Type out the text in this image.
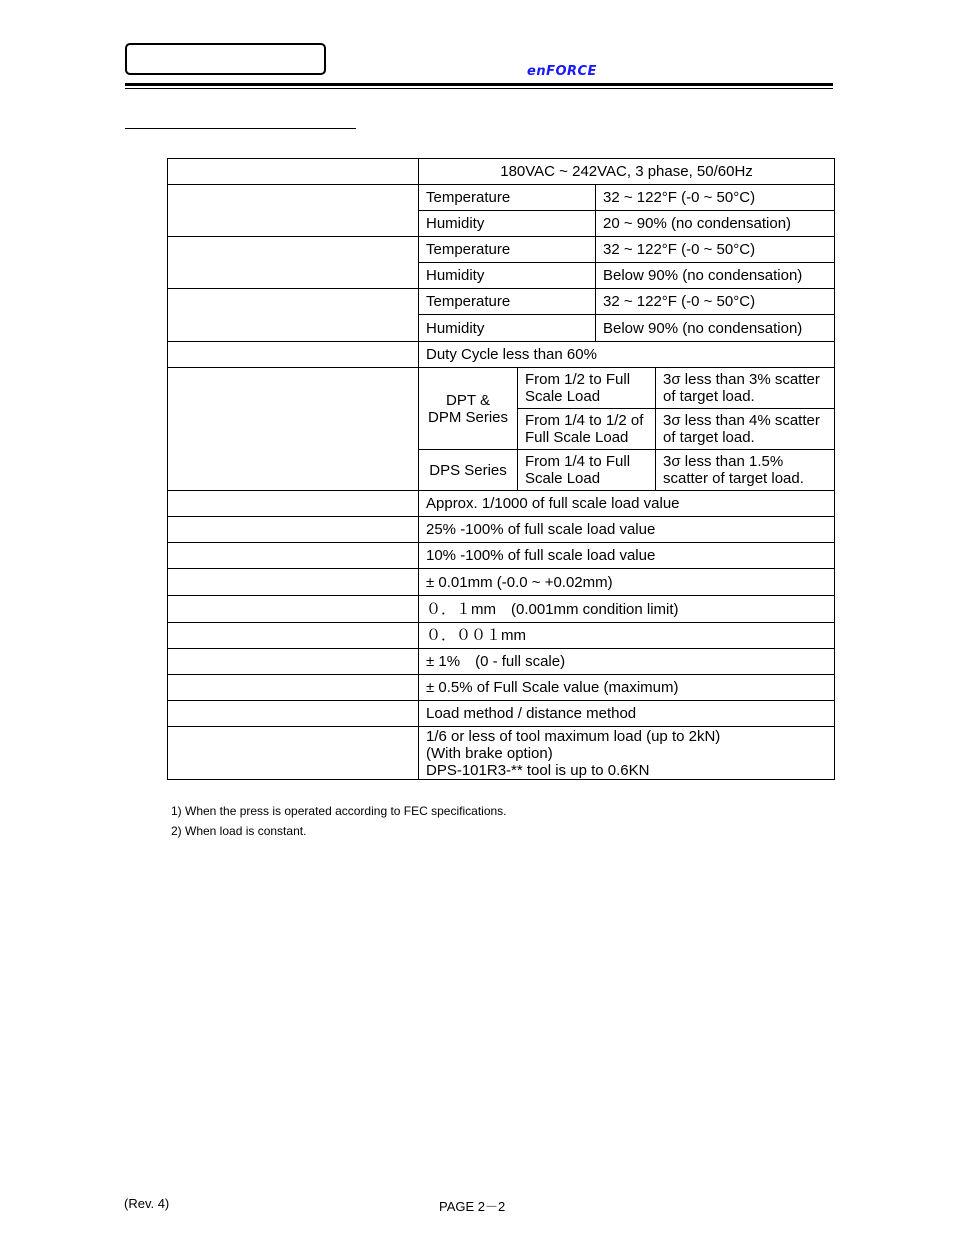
enFORCE
	180VAC ~ 242VAC, 3 phase, 50/60Hz			
	Temperature		32 ~ 122°F (-0 ~ 50°C)	
	Humidity		20 ~ 90% (no condensation)	
	Temperature		32 ~ 122°F (-0 ~ 50°C)	
	Humidity		Below 90% (no condensation)	
	Temperature		32 ~ 122°F (-0 ~ 50°C)	
	Humidity		Below 90% (no condensation)	
	Duty Cycle less than 60%			

	DPT &
DPM Series	From 1/2 to Full Scale Load		3σ less than 3% scatter of target load.
		From 1/4 to 1/2 of Full Scale Load		3σ less than 4% scatter of target load.
	DPS Series	From 1/4 to Full Scale Load		3σ less than 1.5% scatter of target load.
	Approx. 1/1000 of full scale load value			
	25% -100% of full scale load value			
	10% -100% of full scale load value			
	± 0.01mm (-0.0 ~ +0.02mm)			
	０．１mm　(0.001mm condition limit)			
	０．００１mm			
	± 1%　(0 - full scale)			
	± 0.5% of Full Scale value (maximum)			
	Load method / distance method			

	1/6 or less of tool maximum load (up to 2kN)
(With brake option)
DPS-101R3-** tool is up to 0.6KN			
1) When the press is operated according to FEC specifications.
2) When load is constant.
(Rev. 4)	PAGE 2－2
